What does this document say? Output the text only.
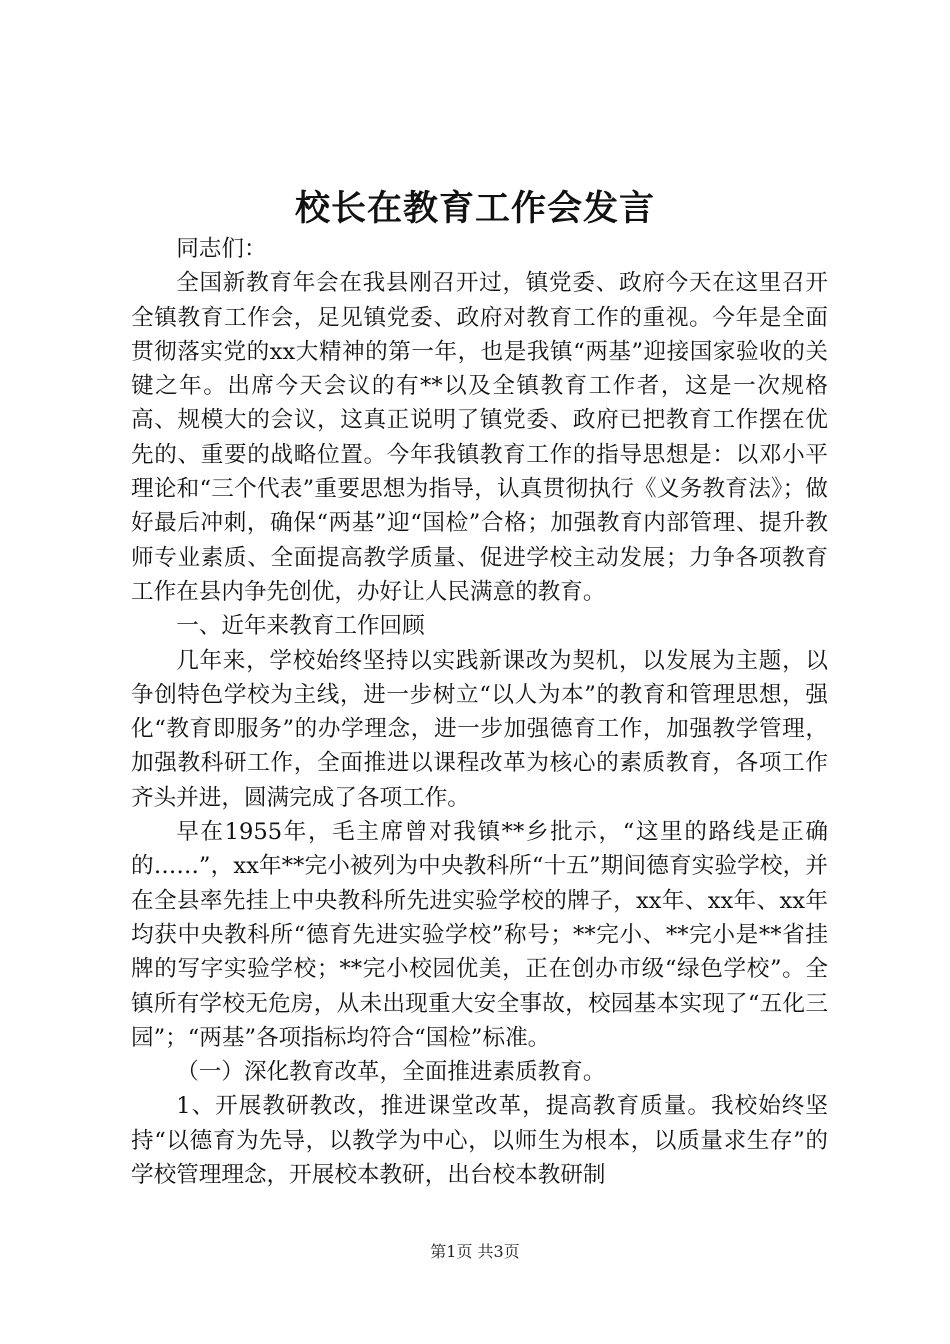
校长在教育工作会发言

同志们：

全国新教育年会在我县刚召开过，镇党委、政府今天在这里召开全镇教育工作会，足见镇党委、政府对教育工作的重视。今年是全面贯彻落实党的xx大精神的第一年，也是我镇“两基”迎接国家验收的关键之年。出席今天会议的有**以及全镇教育工作者，这是一次规格高、规模大的会议，这真正说明了镇党委、政府已把教育工作摆在优先的、重要的战略位置。今年我镇教育工作的指导思想是：以邓小平理论和“三个代表”重要思想为指导，认真贯彻执行《义务教育法》；做好最后冲刺，确保“两基”迎“国检”合格；加强教育内部管理、提升教师专业素质、全面提高教学质量、促进学校主动发展；力争各项教育工作在县内争先创优，办好让人民满意的教育。

一、近年来教育工作回顾

几年来，学校始终坚持以实践新课改为契机，以发展为主题，以争创特色学校为主线，进一步树立“以人为本”的教育和管理思想，强化“教育即服务”的办学理念，进一步加强德育工作，加强教学管理，加强教科研工作，全面推进以课程改革为核心的素质教育，各项工作齐头并进，圆满完成了各项工作。

早在1955年，毛主席曾对我镇**乡批示，“这里的路线是正确的……”，xx年**完小被列为中央教科所“十五”期间德育实验学校，并在全县率先挂上中央教科所先进实验学校的牌子，xx年、xx年、xx年均获中央教科所“德育先进实验学校”称号；**完小、**完小是**省挂牌的写字实验学校；**完小校园优美，正在创办市级“绿色学校”。全镇所有学校无危房，从未出现重大安全事故，校园基本实现了“五化三园”；“两基”各项指标均符合“国检”标准。

（一）深化教育改革，全面推进素质教育。

1、开展教研教改，推进课堂改革，提高教育质量。我校始终坚持“以德育为先导，以教学为中心，以师生为根本，以质量求生存”的学校管理理念，开展校本教研，出台校本教研制

第1页 共3页
